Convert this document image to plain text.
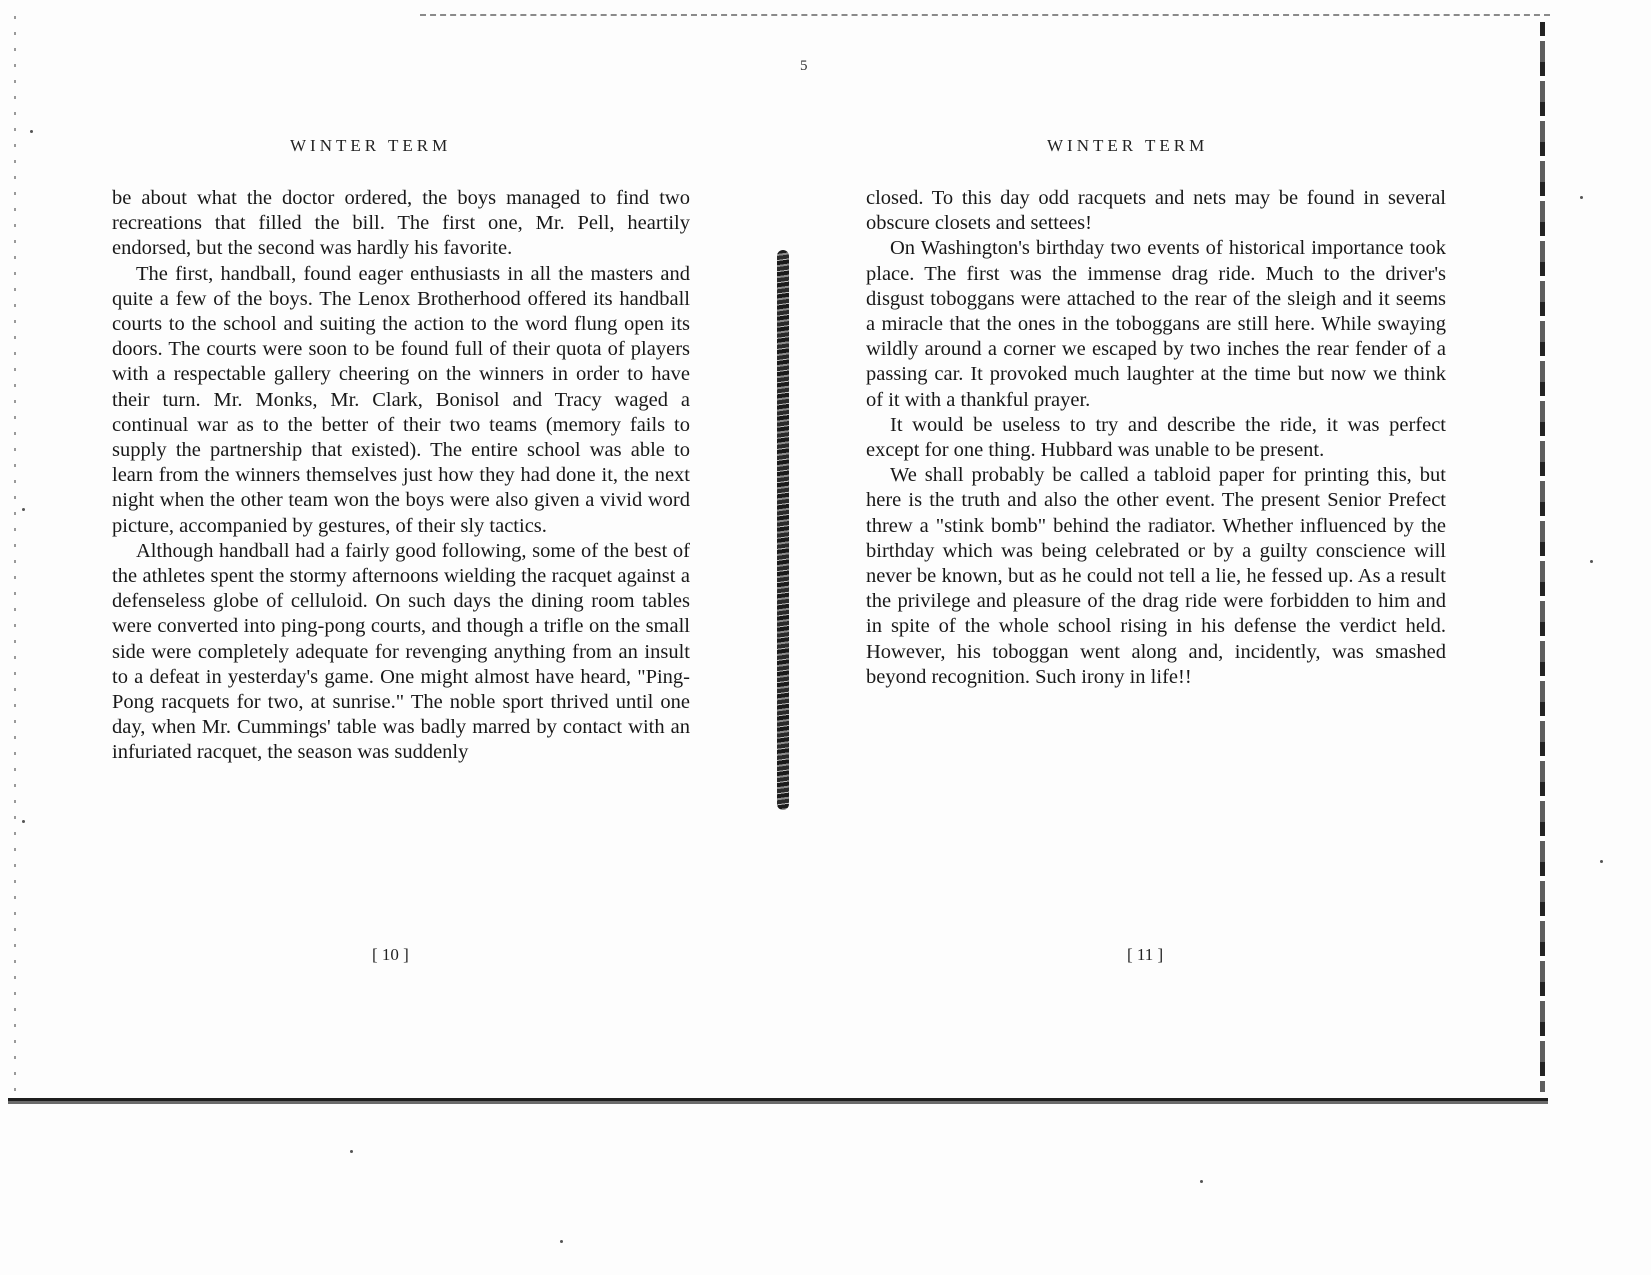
5
WINTER TERM

be about what the doctor ordered, the boys managed to find two recreations that filled the bill. The first one, Mr. Pell, heartily endorsed, but the second was hardly his favorite.

The first, handball, found eager enthusiasts in all the masters and quite a few of the boys. The Lenox Brotherhood offered its handball courts to the school and suiting the action to the word flung open its doors. The courts were soon to be found full of their quota of players with a respectable gallery cheering on the winners in order to have their turn. Mr. Monks, Mr. Clark, Bonisol and Tracy waged a continual war as to the better of their two teams (memory fails to supply the partnership that existed). The entire school was able to learn from the winners themselves just how they had done it, the next night when the other team won the boys were also given a vivid word picture, accompanied by gestures, of their sly tactics.

Although handball had a fairly good following, some of the best of the athletes spent the stormy afternoons wielding the racquet against a defenseless globe of celluloid. On such days the dining room tables were converted into ping-pong courts, and though a trifle on the small side were completely adequate for revenging anything from an insult to a defeat in yesterday's game. One might almost have heard, "Ping-Pong racquets for two, at sunrise." The noble sport thrived until one day, when Mr. Cummings' table was badly marred by contact with an infuriated racquet, the season was suddenly

[ 10 ]
WINTER TERM

closed. To this day odd racquets and nets may be found in several obscure closets and settees!

On Washington's birthday two events of historical importance took place. The first was the immense drag ride. Much to the driver's disgust toboggans were attached to the rear of the sleigh and it seems a miracle that the ones in the toboggans are still here. While swaying wildly around a corner we escaped by two inches the rear fender of a passing car. It provoked much laughter at the time but now we think of it with a thankful prayer.

It would be useless to try and describe the ride, it was perfect except for one thing. Hubbard was unable to be present.

We shall probably be called a tabloid paper for printing this, but here is the truth and also the other event. The present Senior Prefect threw a "stink bomb" behind the radiator. Whether influenced by the birthday which was being celebrated or by a guilty conscience will never be known, but as he could not tell a lie, he fessed up. As a result the privilege and pleasure of the drag ride were forbidden to him and in spite of the whole school rising in his defense the verdict held. However, his toboggan went along and, incidently, was smashed beyond recognition. Such irony in life!!

[ 11 ]
